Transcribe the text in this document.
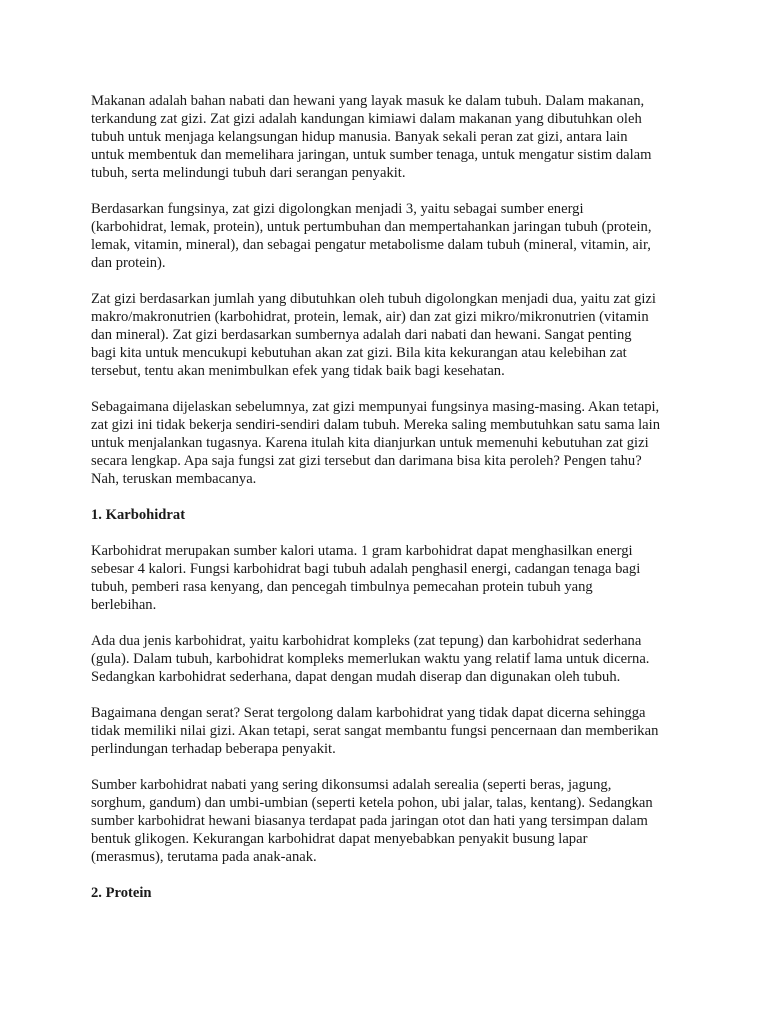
Makanan adalah bahan nabati dan hewani yang layak masuk ke dalam tubuh. Dalam makanan,
terkandung zat gizi. Zat gizi adalah kandungan kimiawi dalam makanan yang dibutuhkan oleh
tubuh untuk menjaga kelangsungan hidup manusia. Banyak sekali peran zat gizi, antara lain
untuk membentuk dan memelihara jaringan, untuk sumber tenaga, untuk mengatur sistim dalam
tubuh, serta melindungi tubuh dari serangan penyakit.

Berdasarkan fungsinya, zat gizi digolongkan menjadi 3, yaitu sebagai sumber energi
(karbohidrat, lemak, protein), untuk pertumbuhan dan mempertahankan jaringan tubuh (protein,
lemak, vitamin, mineral), dan sebagai pengatur metabolisme dalam tubuh (mineral, vitamin, air,
dan protein).

Zat gizi berdasarkan jumlah yang dibutuhkan oleh tubuh digolongkan menjadi dua, yaitu zat gizi
makro/makronutrien (karbohidrat, protein, lemak, air) dan zat gizi mikro/mikronutrien (vitamin
dan mineral). Zat gizi berdasarkan sumbernya adalah dari nabati dan hewani. Sangat penting
bagi kita untuk mencukupi kebutuhan akan zat gizi. Bila kita kekurangan atau kelebihan zat
tersebut, tentu akan menimbulkan efek yang tidak baik bagi kesehatan.

Sebagaimana dijelaskan sebelumnya, zat gizi mempunyai fungsinya masing-masing. Akan tetapi,
zat gizi ini tidak bekerja sendiri-sendiri dalam tubuh. Mereka saling membutuhkan satu sama lain
untuk menjalankan tugasnya. Karena itulah kita dianjurkan untuk memenuhi kebutuhan zat gizi
secara lengkap. Apa saja fungsi zat gizi tersebut dan darimana bisa kita peroleh? Pengen tahu?
Nah, teruskan membacanya.

1. Karbohidrat

Karbohidrat merupakan sumber kalori utama. 1 gram karbohidrat dapat menghasilkan energi
sebesar 4 kalori. Fungsi karbohidrat bagi tubuh adalah penghasil energi, cadangan tenaga bagi
tubuh, pemberi rasa kenyang, dan pencegah timbulnya pemecahan protein tubuh yang
berlebihan.

Ada dua jenis karbohidrat, yaitu karbohidrat kompleks (zat tepung) dan karbohidrat sederhana
(gula). Dalam tubuh, karbohidrat kompleks memerlukan waktu yang relatif lama untuk dicerna.
Sedangkan karbohidrat sederhana, dapat dengan mudah diserap dan digunakan oleh tubuh.

Bagaimana dengan serat? Serat tergolong dalam karbohidrat yang tidak dapat dicerna sehingga
tidak memiliki nilai gizi. Akan tetapi, serat sangat membantu fungsi pencernaan dan memberikan
perlindungan terhadap beberapa penyakit.

Sumber karbohidrat nabati yang sering dikonsumsi adalah serealia (seperti beras, jagung,
sorghum, gandum) dan umbi-umbian (seperti ketela pohon, ubi jalar, talas, kentang). Sedangkan
sumber karbohidrat hewani biasanya terdapat pada jaringan otot dan hati yang tersimpan dalam
bentuk glikogen. Kekurangan karbohidrat dapat menyebabkan penyakit busung lapar
(merasmus), terutama pada anak-anak.

2. Protein
